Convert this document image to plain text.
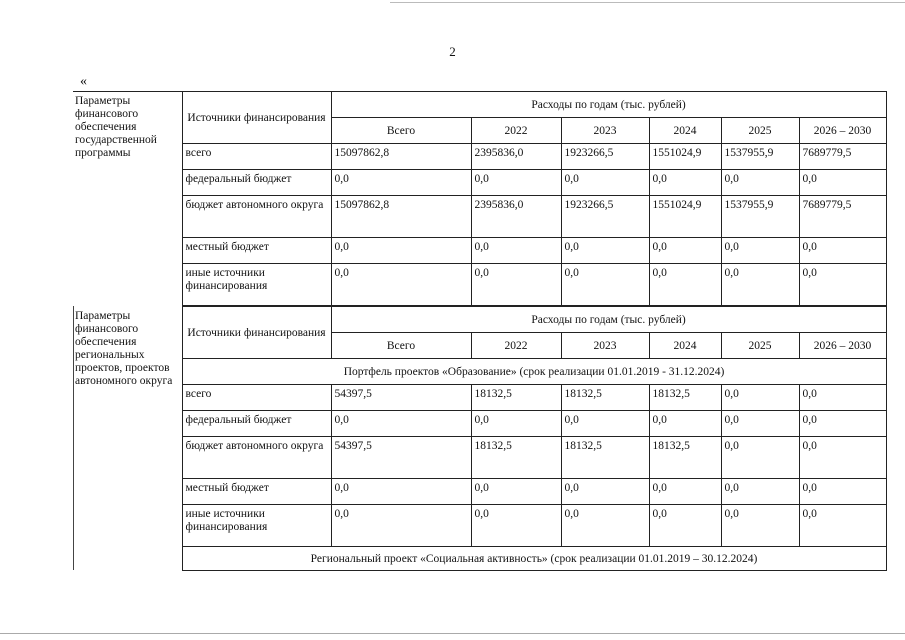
2
«
Параметры финансового обеспечения государственной программы	Источники финансирования	Расходы по годам (тыс. рублей)					
		Всего	2022	2023	2024	2025	2026 – 2030
	всего	15097862,8	2395836,0	1923266,5	1551024,9	1537955,9	7689779,5
	федеральный бюджет	0,0	0,0	0,0	0,0	0,0	0,0
	бюджет автономного округа	15097862,8	2395836,0	1923266,5	1551024,9	1537955,9	7689779,5
	местный бюджет	0,0	0,0	0,0	0,0	0,0	0,0
	иные источники финансирования	0,0	0,0	0,0	0,0	0,0	0,0
Параметры финансового обеспечения региональных проектов, проектов автономного округа	Источники финансирования	Расходы по годам (тыс. рублей)					
		Всего	2022	2023	2024	2025	2026 – 2030
	Портфель проектов «Образование» (срок реализации 01.01.2019 - 31.12.2024)						
	всего	54397,5	18132,5	18132,5	18132,5	0,0	0,0
	федеральный бюджет	0,0	0,0	0,0	0,0	0,0	0,0
	бюджет автономного округа	54397,5	18132,5	18132,5	18132,5	0,0	0,0
	местный бюджет	0,0	0,0	0,0	0,0	0,0	0,0
	иные источники финансирования	0,0	0,0	0,0	0,0	0,0	0,0
	Региональный проект «Социальная активность» (срок реализации 01.01.2019 – 30.12.2024)						
